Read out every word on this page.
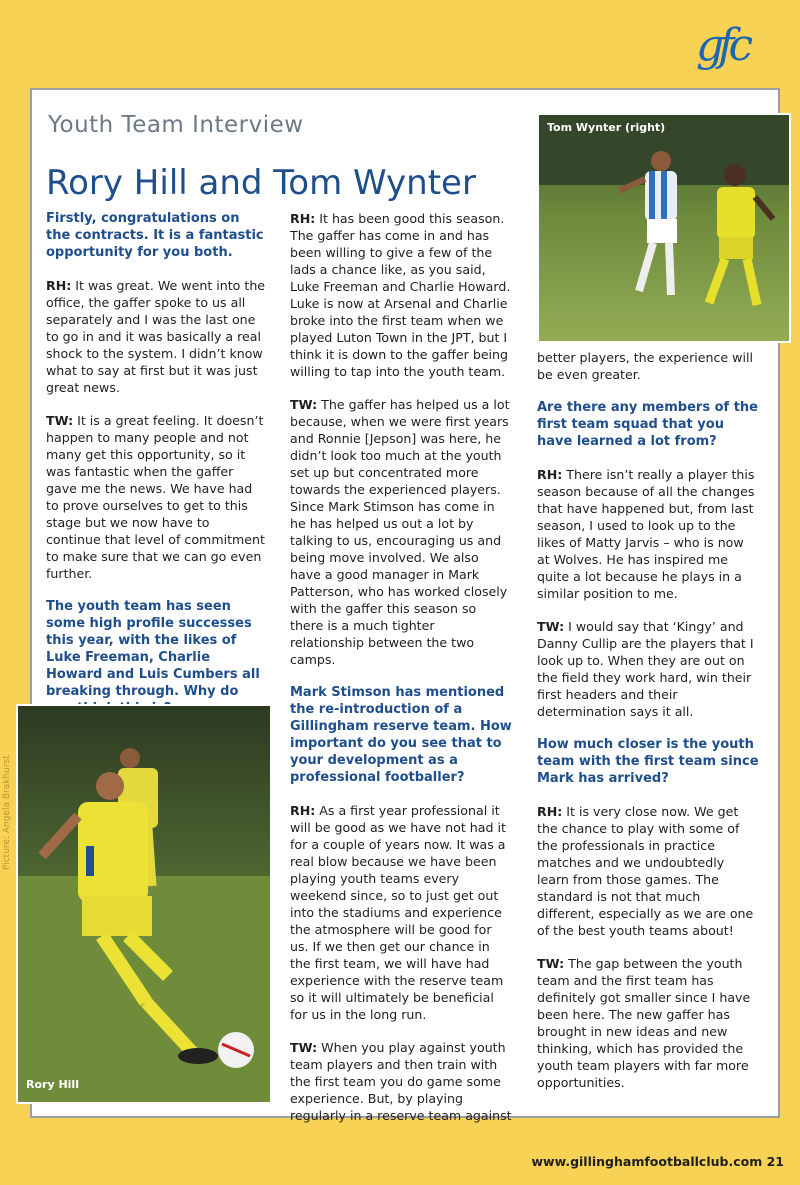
gfc
Youth Team Interview
Rory Hill and Tom Wynter

Firstly, congratulations on the contracts. It is a fantastic opportunity for you both.

RH: It was great. We went into the office, the gaffer spoke to us all separately and I was the last one to go in and it was basically a real shock to the system. I didn’t know what to say at first but it was just great news.

TW: It is a great feeling. It doesn’t happen to many people and not many get this opportunity, so it was fantastic when the gaffer gave me the news. We have had to prove ourselves to get to this stage but we now have to continue that level of commitment to make sure that we can go even further.

The youth team has seen some high profile successes this year, with the likes of Luke Freeman, Charlie Howard and Luis Cumbers all breaking through. Why do

RH: It has been good this season. The gaffer has come in and has been willing to give a few of the lads a chance like, as you said, Luke Freeman and Charlie Howard. Luke is now at Arsenal and Charlie broke into the first team when we played Luton Town in the JPT, but I think it is down to the gaffer being willing to tap into the youth team.

TW: The gaffer has helped us a lot because, when we were first years and Ronnie [Jepson] was here, he didn’t look too much at the youth set up but concentrated more towards the experienced players. Since Mark Stimson has come in he has helped us out a lot by talking to us, encouraging us and being move involved. We also have a good manager in Mark Patterson, who has worked closely with the gaffer this season so there is a much tighter relationship between the two camps.

Mark Stimson has mentioned the re-introduction of a Gillingham reserve team. How important do you see that to your development as a professional footballer?

RH: As a first year professional it will be good as we have not had it for a couple of years now. It was a real blow because we have been playing youth teams every weekend since, so to just get out into the stadiums and experience the atmosphere will be good for us. If we then get our chance in the first team, we will have had experience with the reserve team so it will ultimately be beneficial for us in the long run.

TW: When you play against youth team players and then train with the first team you do game some experience. But, by playing regularly in a reserve team against

better players, the experience will be even greater.

Are there any members of the first team squad that you have learned a lot from?

RH: There isn’t really a player this season because of all the changes that have happened but, from last season, I used to look up to the likes of Matty Jarvis – who is now at Wolves. He has inspired me quite a lot because he plays in a similar position to me.

TW: I would say that ‘Kingy’ and Danny Cullip are the players that I look up to. When they are out on the field they work hard, win their first headers and their determination says it all.

How much closer is the youth team with the first team since Mark has arrived?

RH: It is very close now. We get the chance to play with some of the professionals in practice matches and we undoubtedly learn from those games. The standard is not that much different, especially as we are one of the best youth teams about!

TW: The gap between the youth team and the first team has definitely got smaller since I have been here. The new gaffer has brought in new ideas and new thinking, which has provided the youth team players with far more opportunities.

Tom Wynter (right)
Rory Hill
Picture: Angela Brakhurst
www.gillinghamfootballclub.com 21
